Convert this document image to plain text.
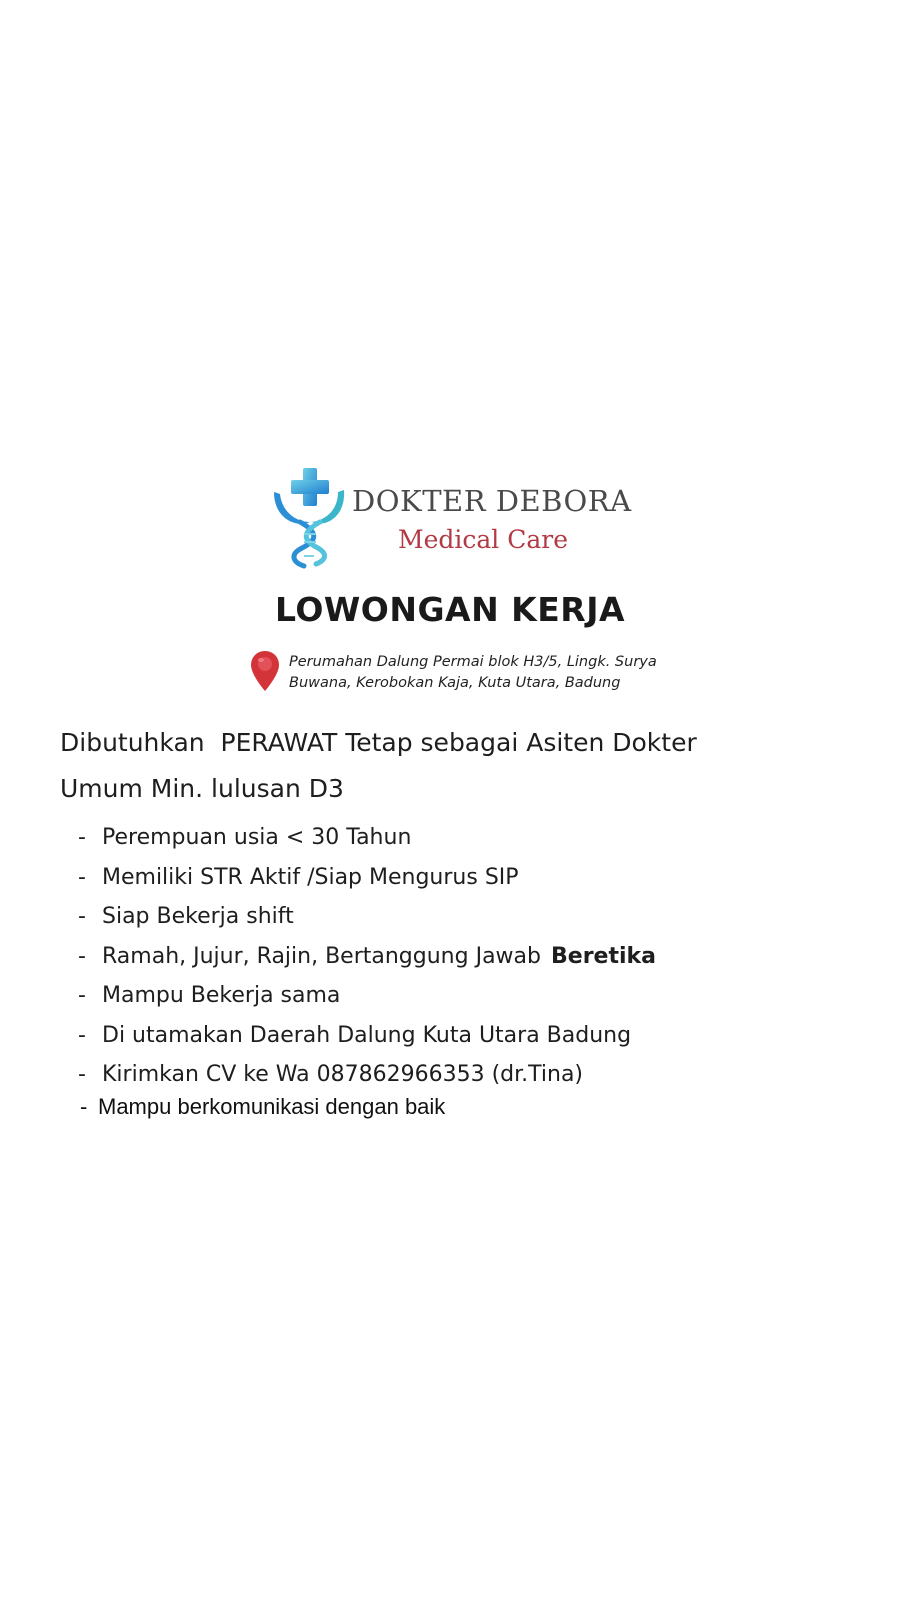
DOKTER DEBORA
Medical Care
LOWONGAN KERJA
Perumahan Dalung Permai blok H3/5, Lingk. Surya
Buwana, Kerobokan Kaja, Kuta Utara, Badung
Dibutuhkan  PERAWAT Tetap sebagai Asiten Dokter
Umum Min. lulusan D3
- Perempuan usia < 30 Tahun
- Memiliki STR Aktif /Siap Mengurus SIP
- Siap Bekerja shift
- Ramah, Jujur, Rajin, Bertanggung Jawab Beretika
- Mampu Bekerja sama
- Di utamakan Daerah Dalung Kuta Utara Badung
- Kirimkan CV ke Wa 087862966353 (dr.Tina)
- Mampu berkomunikasi dengan baik
